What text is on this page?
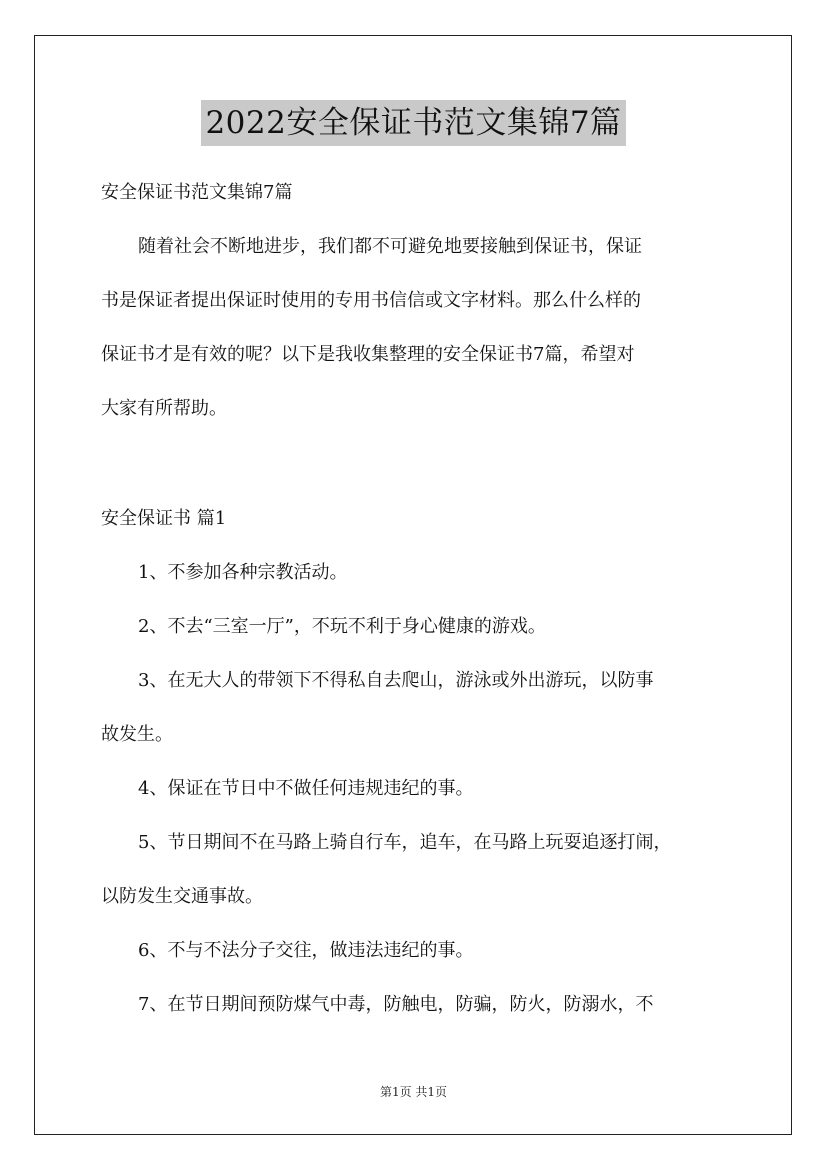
2022安全保证书范文集锦7篇
安全保证书范文集锦7篇
随着社会不断地进步，我们都不可避免地要接触到保证书，保证
书是保证者提出保证时使用的专用书信信或文字材料。那么什么样的
保证书才是有效的呢？以下是我收集整理的安全保证书7篇，希望对
大家有所帮助。
安全保证书 篇1
1、不参加各种宗教活动。
2、不去“三室一厅”，不玩不利于身心健康的游戏。
3、在无大人的带领下不得私自去爬山，游泳或外出游玩，以防事
故发生。
4、保证在节日中不做任何违规违纪的事。
5、节日期间不在马路上骑自行车，追车，在马路上玩耍追逐打闹，
以防发生交通事故。
6、不与不法分子交往，做违法违纪的事。
7、在节日期间预防煤气中毒，防触电，防骗，防火，防溺水，不
第1页 共1页
